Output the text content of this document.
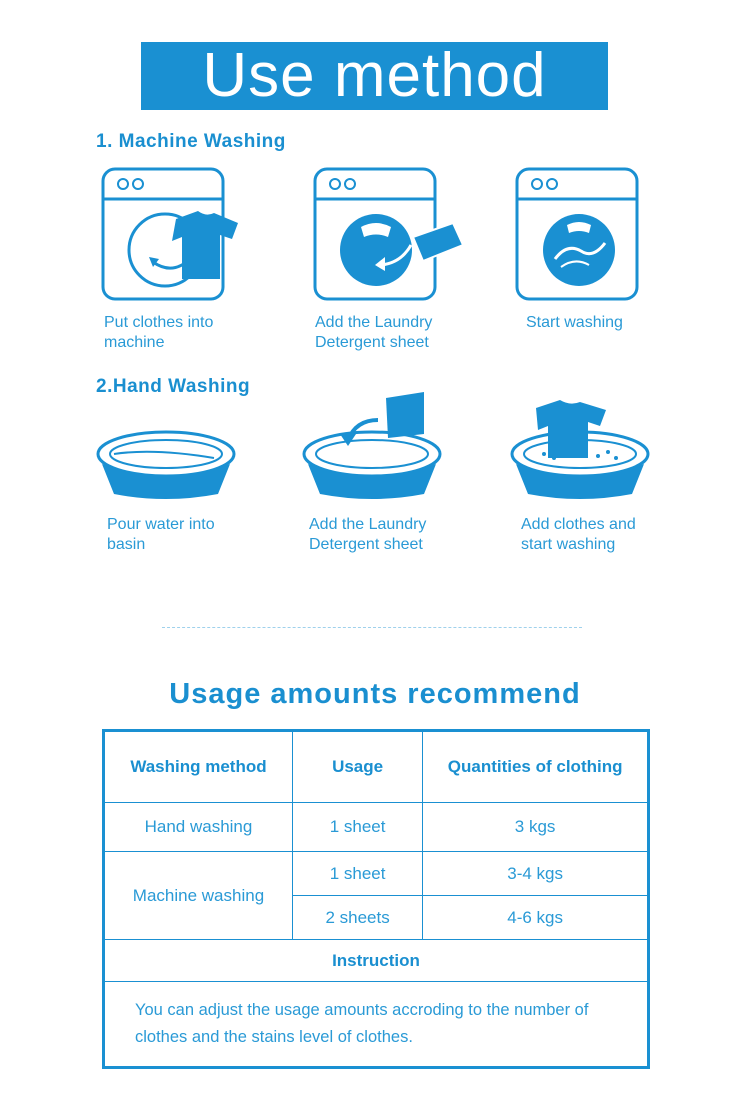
Use method
1. Machine Washing
Put clothes into
machine
Add the Laundry
Detergent sheet
Start washing
2.Hand Washing
Pour water into
basin
Add the Laundry
Detergent sheet
Add clothes and
start washing
Usage amounts recommend
Washing method	Usage	Quantities of clothing
Hand washing	1 sheet	3 kgs
Machine washing	1 sheet	3-4 kgs
	2 sheets	4-6 kgs
Instruction		
You can adjust the usage amounts accroding to the number of clothes and the stains level of clothes.		
